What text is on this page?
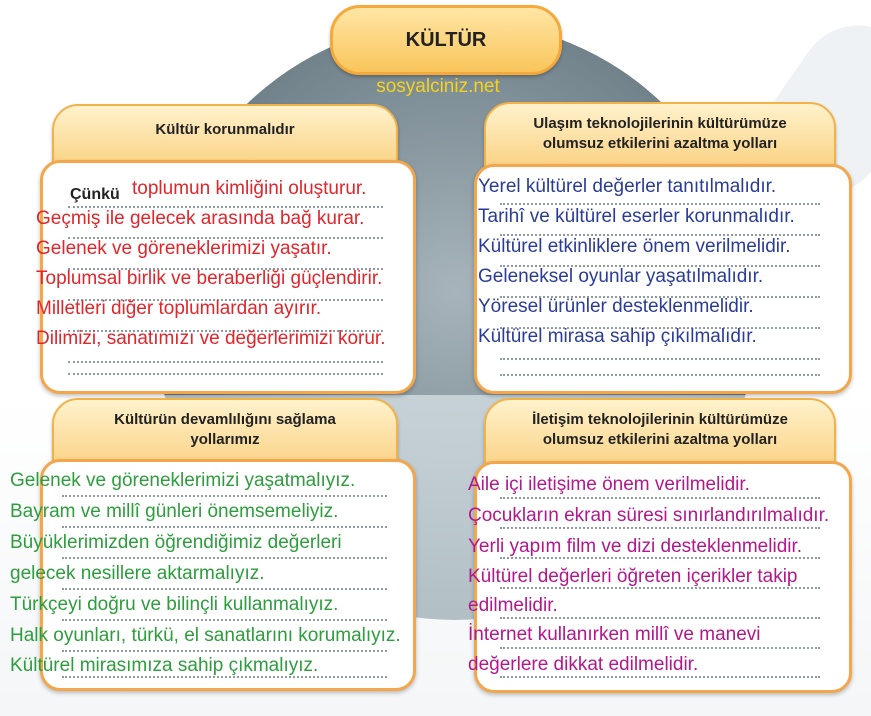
KÜLTÜR
sosyalciniz.net
Kültür korunmalıdır
Çünkü toplumun kimliğini oluşturur.
Geçmiş ile gelecek arasında bağ kurar.
Gelenek ve göreneklerimizi yaşatır.
Toplumsal birlik ve beraberliği güçlendirir.
Milletleri diğer toplumlardan ayırır.
Dilimizi, sanatımızı ve değerlerimizi korur.
Ulaşım teknolojilerinin kültürümüze
olumsuz etkilerini azaltma yolları
Yerel kültürel değerler tanıtılmalıdır.
Tarihî ve kültürel eserler korunmalıdır.
Kültürel etkinliklere önem verilmelidir.
Geleneksel oyunlar yaşatılmalıdır.
Yöresel ürünler desteklenmelidir.
Kültürel mirasa sahip çıkılmalıdır.
Kültürün devamlılığını sağlama
yollarımız
Gelenek ve göreneklerimizi yaşatmalıyız.
Bayram ve millî günleri önemsemeliyiz.
Büyüklerimizden öğrendiğimiz değerleri
gelecek nesillere aktarmalıyız.
Türkçeyi doğru ve bilinçli kullanmalıyız.
Halk oyunları, türkü, el sanatlarını korumalıyız.
Kültürel mirasımıza sahip çıkmalıyız.
İletişim teknolojilerinin kültürümüze
olumsuz etkilerini azaltma yolları
Aile içi iletişime önem verilmelidir.
Çocukların ekran süresi sınırlandırılmalıdır.
Yerli yapım film ve dizi desteklenmelidir.
Kültürel değerleri öğreten içerikler takip
edilmelidir.
İnternet kullanırken millî ve manevi
değerlere dikkat edilmelidir.
